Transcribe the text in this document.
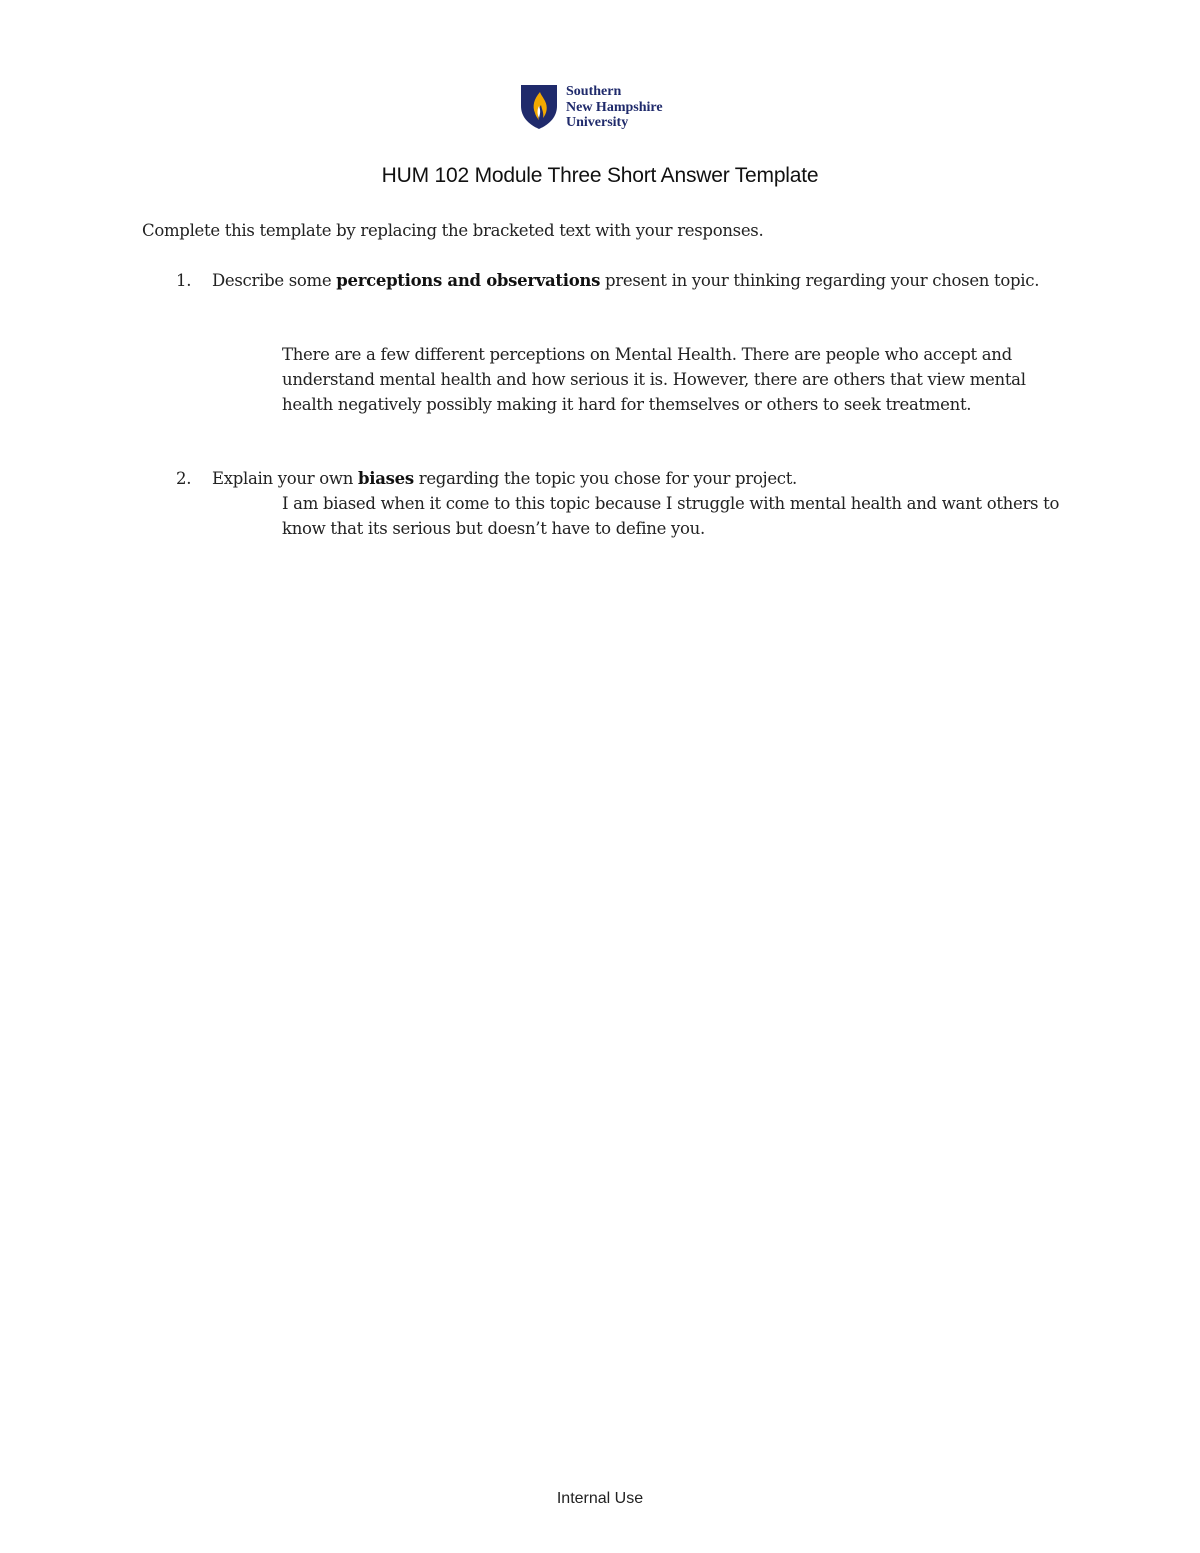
Southern
New Hampshire
University
HUM 102 Module Three Short Answer Template
Complete this template by replacing the bracketed text with your responses.
1. Describe some perceptions and observations present in your thinking regarding your chosen topic.
There are a few different perceptions on Mental Health. There are people who accept and understand mental health and how serious it is. However, there are others that view mental health negatively possibly making it hard for themselves or others to seek treatment.
2. Explain your own biases regarding the topic you chose for your project.
I am biased when it come to this topic because I struggle with mental health and want others to know that its serious but doesn’t have to define you.
Internal Use
